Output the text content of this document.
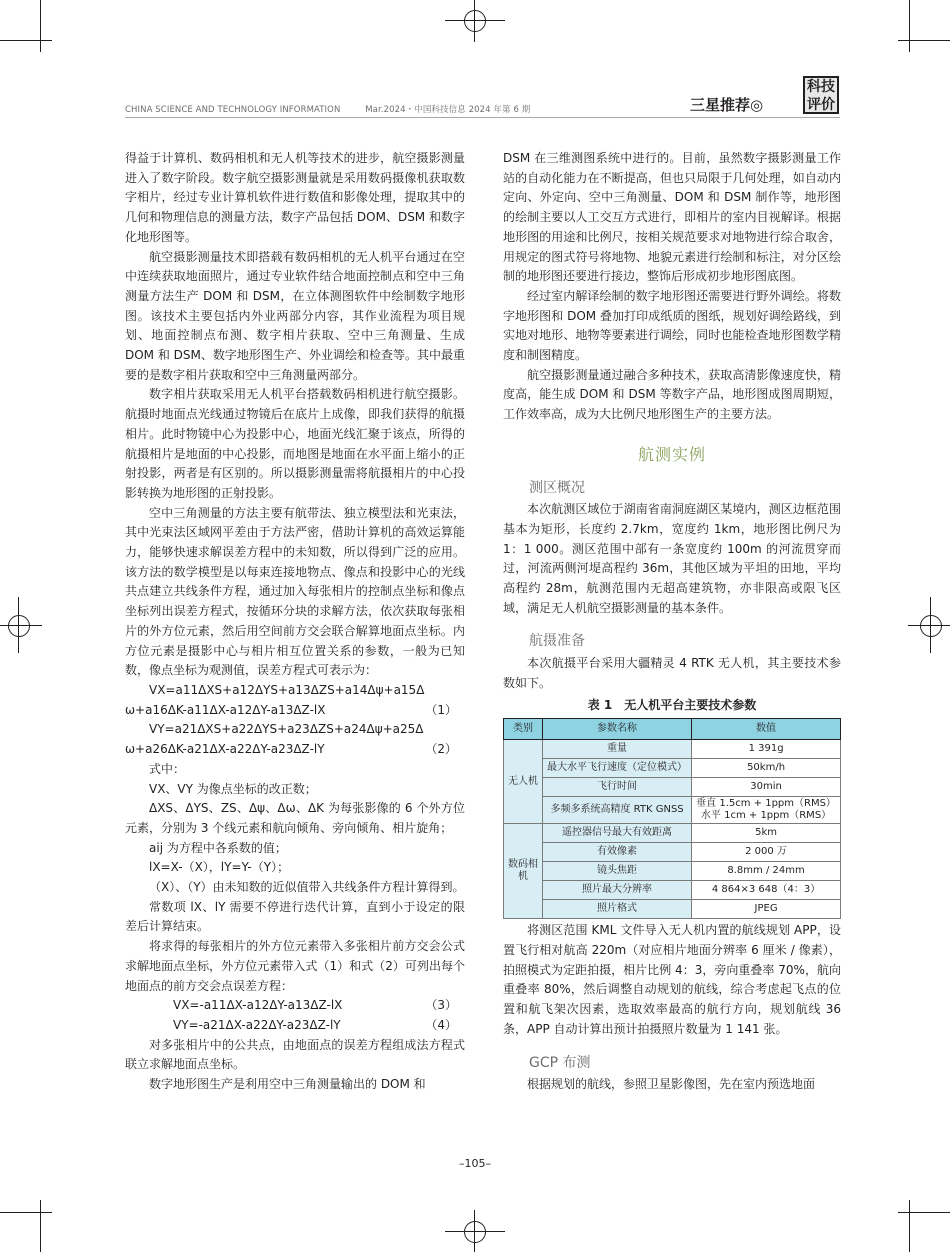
CHINA SCIENCE AND TECHNOLOGY INFORMATION	Mar.2024・中国科技信息 2024 年第 6 期	三星推荐◎
科技
评价

得益于计算机、数码相机和无人机等技术的进步，航空摄影测量进入了数字阶段。数字航空摄影测量就是采用数码摄像机获取数字相片，经过专业计算机软件进行数值和影像处理，提取其中的几何和物理信息的测量方法，数字产品包括 DOM、DSM 和数字化地形图等。

航空摄影测量技术即搭载有数码相机的无人机平台通过在空中连续获取地面照片，通过专业软件结合地面控制点和空中三角测量方法生产 DOM 和 DSM，在立体测图软件中绘制数字地形图。该技术主要包括内外业两部分内容，其作业流程为项目规划、地面控制点布测、数字相片获取、空中三角测量、生成 DOM 和 DSM、数字地形图生产、外业调绘和检查等。其中最重要的是数字相片获取和空中三角测量两部分。

数字相片获取采用无人机平台搭载数码相机进行航空摄影。航摄时地面点光线通过物镜后在底片上成像，即我们获得的航摄相片。此时物镜中心为投影中心，地面光线汇聚于该点，所得的航摄相片是地面的中心投影，而地图是地面在水平面上缩小的正射投影，两者是有区别的。所以摄影测量需将航摄相片的中心投影转换为地形图的正射投影。

空中三角测量的方法主要有航带法、独立模型法和光束法，其中光束法区域网平差由于方法严密，借助计算机的高效运算能力，能够快速求解误差方程中的未知数，所以得到广泛的应用。该方法的数学模型是以每束连接地物点、像点和投影中心的光线共点建立共线条件方程，通过加入每张相片的控制点坐标和像点坐标列出误差方程式，按循环分块的求解方法，依次获取每张相片的外方位元素，然后用空间前方交会联合解算地面点坐标。内方位元素是摄影中心与相片相互位置关系的参数，一般为已知数，像点坐标为观测值，误差方程式可表示为：

VX=a11ΔXS+a12ΔYS+a13ΔZS+a14Δψ+a15Δ

ω+a16ΔK-a11ΔX-a12ΔY-a13ΔZ-lX	（1）

VY=a21ΔXS+a22ΔYS+a23ΔZS+a24Δψ+a25Δ

ω+a26ΔK-a21ΔX-a22ΔY-a23ΔZ-lY	（2）

式中：

VX、VY 为像点坐标的改正数；

ΔXS、ΔYS、ZS、Δψ、Δω、ΔK 为每张影像的 6 个外方位元素，分别为 3 个线元素和航向倾角、旁向倾角、相片旋角；

aij 为方程中各系数的值；

lX=X-（X），lY=Y-（Y）；

（X）、（Y）由未知数的近似值带入共线条件方程计算得到。

常数项 lX、lY 需要不停进行迭代计算，直到小于设定的限差后计算结束。

将求得的每张相片的外方位元素带入多张相片前方交会公式求解地面点坐标，外方位元素带入式（1）和式（2）可列出每个地面点的前方交会点误差方程：

VX=-a11ΔX-a12ΔY-a13ΔZ-lX	（3）
VY=-a21ΔX-a22ΔY-a23ΔZ-lY	（4）

对多张相片中的公共点，由地面点的误差方程组成法方程式联立求解地面点坐标。

数字地形图生产是利用空中三角测量输出的 DOM 和

DSM 在三维测图系统中进行的。目前，虽然数字摄影测量工作站的自动化能力在不断提高，但也只局限于几何处理，如自动内定向、外定向、空中三角测量、DOM 和 DSM 制作等，地形图的绘制主要以人工交互方式进行，即相片的室内目视解译。根据地形图的用途和比例尺，按相关规范要求对地物进行综合取舍，用规定的图式符号将地物、地貌元素进行绘制和标注，对分区绘制的地形图还要进行接边，整饰后形成初步地形图底图。

经过室内解译绘制的数字地形图还需要进行野外调绘。将数字地形图和 DOM 叠加打印成纸质的图纸，规划好调绘路线，到实地对地形、地物等要素进行调绘，同时也能检查地形图数学精度和制图精度。

航空摄影测量通过融合多种技术，获取高清影像速度快，精度高，能生成 DOM 和 DSM 等数字产品，地形图成图周期短，工作效率高，成为大比例尺地形图生产的主要方法。

航测实例
测区概况

本次航测区域位于湖南省南洞庭湖区某境内，测区边框范围基本为矩形，长度约 2.7km，宽度约 1km，地形图比例尺为 1：1 000。测区范围中部有一条宽度约 100m 的河流贯穿而过，河流两侧河堤高程约 36m，其他区域为平坦的田地，平均高程约 28m，航测范围内无超高建筑物，亦非限高或限飞区域，满足无人机航空摄影测量的基本条件。

航摄准备

本次航摄平台采用大疆精灵 4 RTK 无人机，其主要技术参数如下。

表 1　无人机平台主要技术参数
类别	参数名称	数值
无人机	重量	1 391g
	最大水平飞行速度（定位模式）	50km/h
	飞行时间	30min
	多频多系统高精度 RTK GNSS	垂直 1.5cm + 1ppm（RMS）
水平 1cm + 1ppm（RMS）

数码相机	遥控器信号最大有效距离	5km
	有效像素	2 000 万
	镜头焦距	8.8mm / 24mm
	照片最大分辨率	4 864×3 648（4：3）
	照片格式	JPEG

将测区范围 KML 文件导入无人机内置的航线规划 APP，设置飞行相对航高 220m（对应相片地面分辨率 6 厘米 / 像素），拍照模式为定距拍摄，相片比例 4：3，旁向重叠率 70%，航向重叠率 80%，然后调整自动规划的航线，综合考虑起飞点的位置和航飞架次因素，选取效率最高的航行方向，规划航线 36 条，APP 自动计算出预计拍摄照片数量为 1 141 张。

GCP 布测

根据规划的航线，参照卫星影像图，先在室内预选地面

–105–
